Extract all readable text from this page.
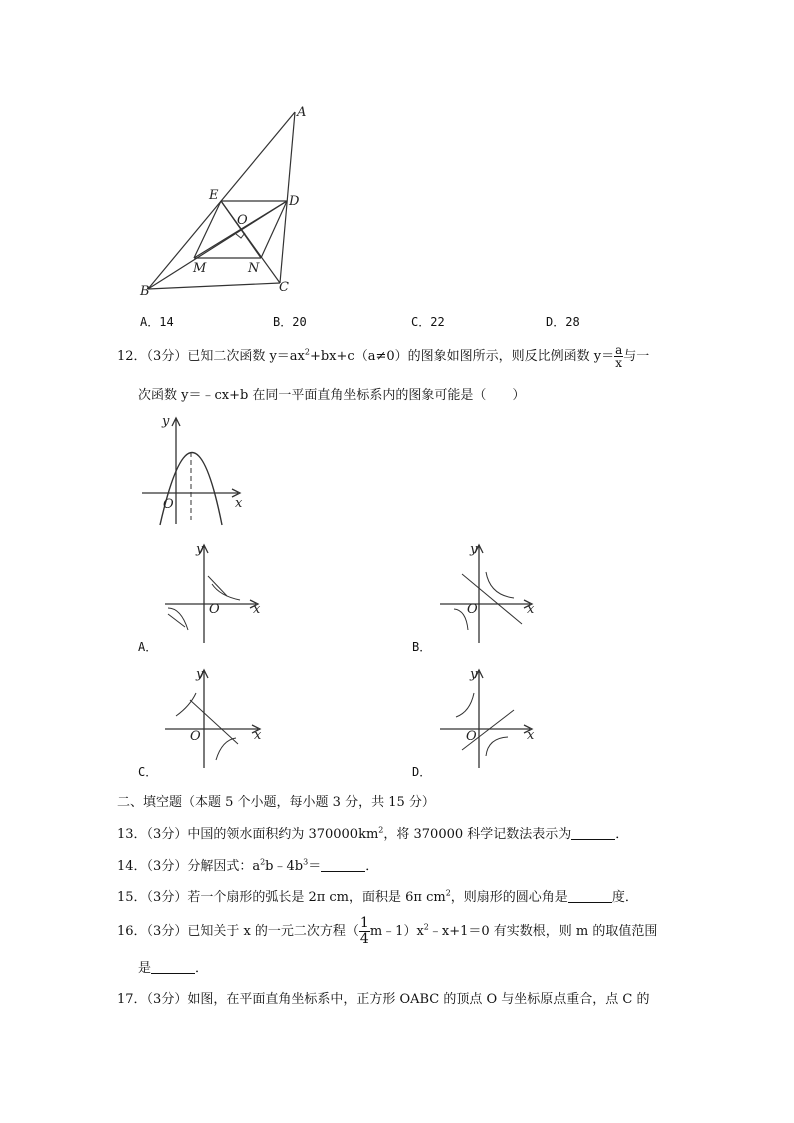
A
E	D
O
M	N
B	C
A．14	B．20	C．22	D．28
12．（3分）已知二次函数 $y=ax^2+bx+c(a\ne 0)$的图象如图所示，则反比例函数 $y= \frac{a}{x}$ 与一
次函数 y＝﹣cx+b 在同一平面直角坐标系内的图象可能是（　　）
y
x
O
y
x
O
A．
y
x
O
B．
y
x
O
C．
y
x
O
D．
二、填空题（本题 5 个小题，每小题 3 分，共 15 分）
13．（3分）中国的领水面积约为 $370000km^2$，将 370000 科学记数法表示为	．
14．（3分）分解因式：$a^2b﹣4b^3=$	．
15．（3分）若一个扇形的弧长是 2π cm，面积是 6π $cm^2$，则扇形的圆心角是	度．
16．（3分）已知关于 x 的一元二次方程（ $\frac{1}{4}$ $m﹣1)x^2﹣x+1=0$ 有实数根，则 m 的取值范围
是	．
17．（3分）如图，在平面直角坐标系中，正方形 OABC 的顶点 O 与坐标原点重合，点 C 的
